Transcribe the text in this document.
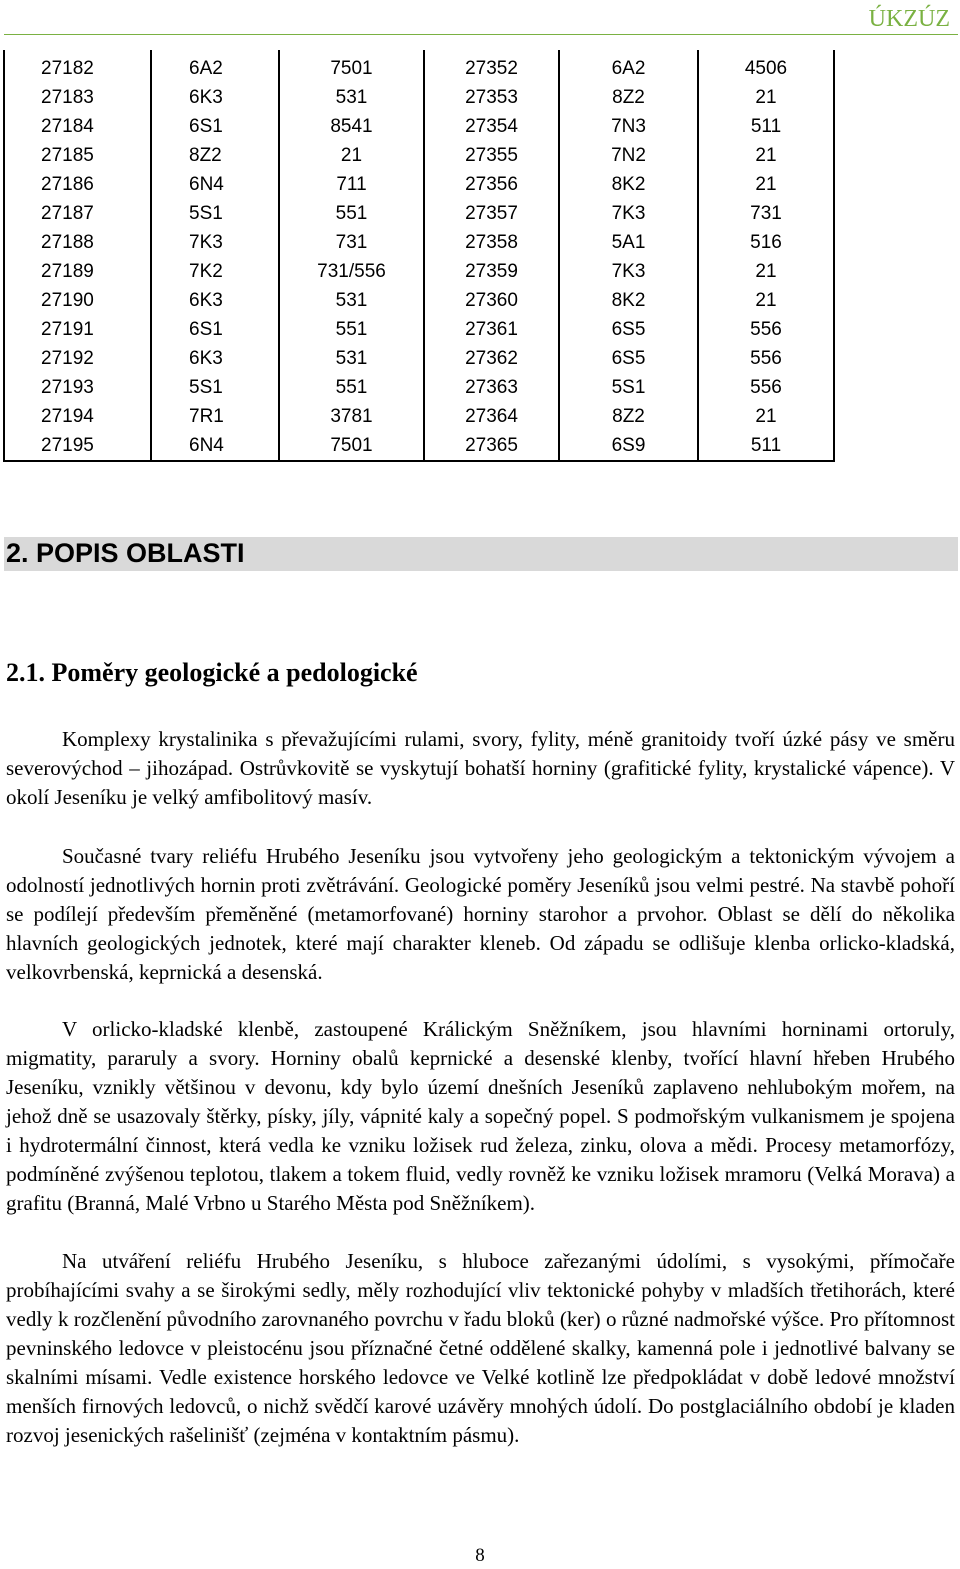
ÚKZÚZ
27182	6A2	7501	27352	6A2	4506
27183	6K3	531	27353	8Z2	21
27184	6S1	8541	27354	7N3	511
27185	8Z2	21	27355	7N2	21
27186	6N4	711	27356	8K2	21
27187	5S1	551	27357	7K3	731
27188	7K3	731	27358	5A1	516
27189	7K2	731/556	27359	7K3	21
27190	6K3	531	27360	8K2	21
27191	6S1	551	27361	6S5	556
27192	6K3	531	27362	6S5	556
27193	5S1	551	27363	5S1	556
27194	7R1	3781	27364	8Z2	21
27195	6N4	7501	27365	6S9	511
2. POPIS OBLASTI
2.1. Poměry geologické a pedologické

Komplexy krystalinika s převažujícími rulami, svory, fylity, méně granitoidy tvoří úzké pásy ve směru severovýchod – jihozápad. Ostrůvkovitě se vyskytují bohatší horniny (grafitické fylity, krystalické vápence). V okolí Jeseníku je velký amfibolitový masív.

Současné tvary reliéfu Hrubého Jeseníku jsou vytvořeny jeho geologickým a tektonickým vývojem a odolností jednotlivých hornin proti zvětrávání. Geologické poměry Jeseníků jsou velmi pestré. Na stavbě pohoří se podílejí především přeměněné (metamorfované) horniny starohor a prvohor. Oblast se dělí do několika hlavních geologických jednotek, které mají charakter kleneb. Od západu se odlišuje klenba orlicko-kladská, velkovrbenská, keprnická a desenská.

V orlicko-kladské klenbě, zastoupené Králickým Sněžníkem, jsou hlavními horninami ortoruly, migmatity, pararuly a svory. Horniny obalů keprnické a desenské klenby, tvořící hlavní hřeben Hrubého Jeseníku, vznikly většinou v devonu, kdy bylo území dnešních Jeseníků zaplaveno nehlubokým mořem, na jehož dně se usazovaly štěrky, písky, jíly, vápnité kaly a sopečný popel. S podmořským vulkanismem je spojena i hydrotermální činnost, která vedla ke vzniku ložisek rud železa, zinku, olova a mědi. Procesy metamorfózy, podmíněné zvýšenou teplotou, tlakem a tokem fluid, vedly rovněž ke vzniku ložisek mramoru (Velká Morava) a grafitu (Branná, Malé Vrbno u Starého Města pod Sněžníkem).

Na utváření reliéfu Hrubého Jeseníku, s hluboce zařezanými údolími, s vysokými, přímočaře probíhajícími svahy a se širokými sedly, měly rozhodující vliv tektonické pohyby v mladších třetihorách, které vedly k rozčlenění původního zarovnaného povrchu v řadu bloků (ker) o různé nadmořské výšce. Pro přítomnost pevninského ledovce v pleistocénu jsou příznačné četné oddělené skalky, kamenná pole i jednotlivé balvany se skalními mísami. Vedle existence horského ledovce ve Velké kotlině lze předpokládat v době ledové množství menších firnových ledovců, o nichž svědčí karové uzávěry mnohých údolí. Do postglaciálního období je kladen rozvoj jesenických rašelinišť (zejména v kontaktním pásmu).

8
